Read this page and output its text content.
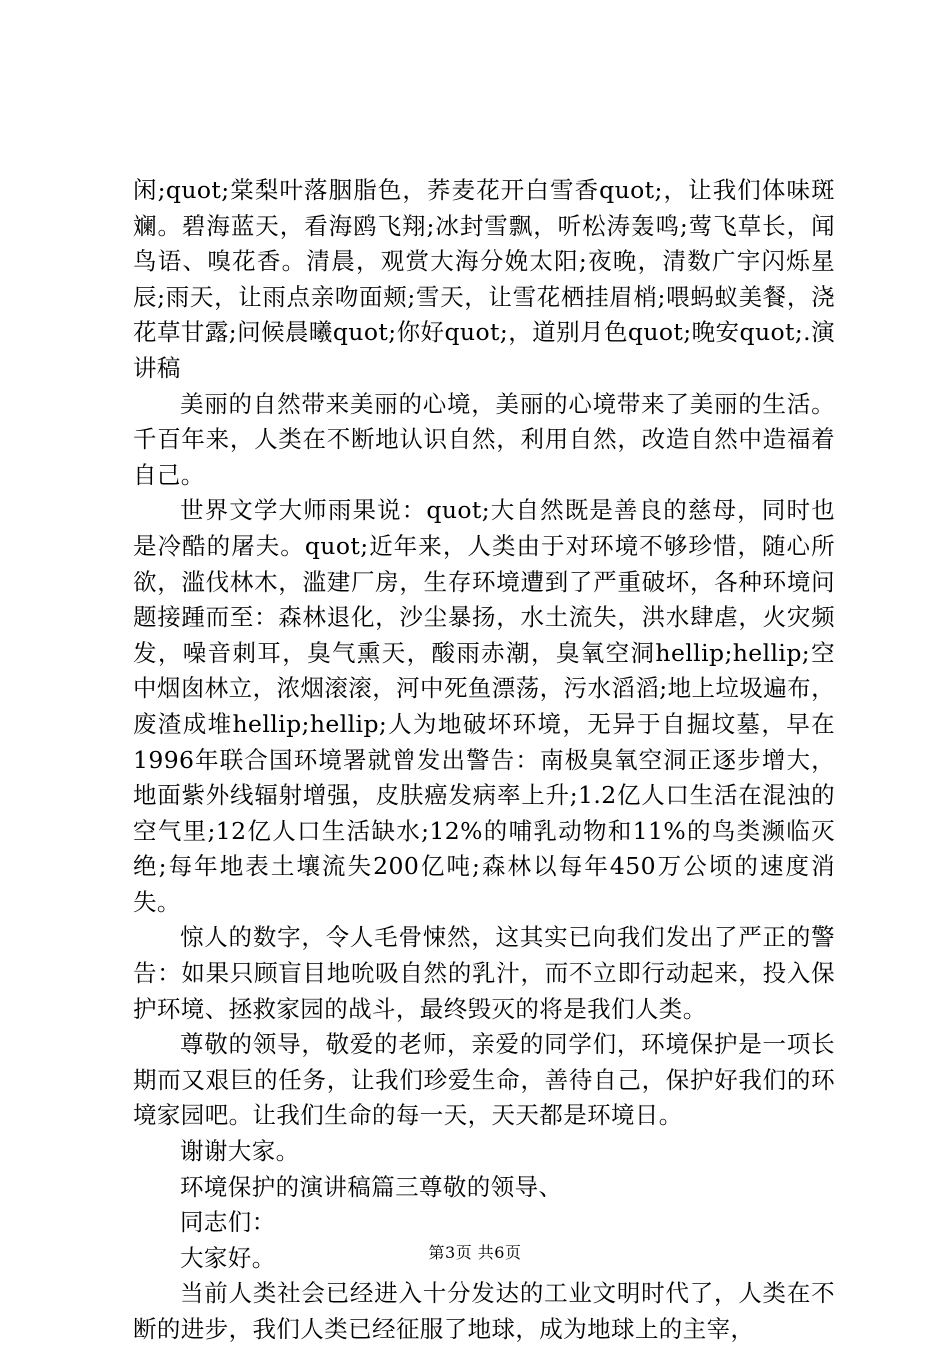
闲;quot;棠梨叶落胭脂色，荞麦花开白雪香quot;，让我们体味斑斓。碧海蓝天，看海鸥飞翔;冰封雪飘，听松涛轰鸣;莺飞草长，闻鸟语、嗅花香。清晨，观赏大海分娩太阳;夜晚，清数广宇闪烁星辰;雨天，让雨点亲吻面颊;雪天，让雪花栖挂眉梢;喂蚂蚁美餐，浇花草甘露;问候晨曦quot;你好quot;，道别月色quot;晚安quot;.演讲稿

美丽的自然带来美丽的心境，美丽的心境带来了美丽的生活。千百年来，人类在不断地认识自然，利用自然，改造自然中造福着自己。

世界文学大师雨果说：quot;大自然既是善良的慈母，同时也是冷酷的屠夫。quot;近年来，人类由于对环境不够珍惜，随心所欲，滥伐林木，滥建厂房，生存环境遭到了严重破坏，各种环境问题接踵而至：森林退化，沙尘暴扬，水土流失，洪水肆虐，火灾频发，噪音刺耳，臭气熏天，酸雨赤潮，臭氧空洞hellip;hellip;空中烟囱林立，浓烟滚滚，河中死鱼漂荡，污水滔滔;地上垃圾遍布，废渣成堆hellip;hellip;人为地破坏环境，无异于自掘坟墓，早在1996年联合国环境署就曾发出警告：南极臭氧空洞正逐步增大，地面紫外线辐射增强，皮肤癌发病率上升;1.2亿人口生活在混浊的空气里;12亿人口生活缺水;12%的哺乳动物和11%的鸟类濒临灭绝;每年地表土壤流失200亿吨;森林以每年450万公顷的速度消失。

惊人的数字，令人毛骨悚然，这其实已向我们发出了严正的警告：如果只顾盲目地吮吸自然的乳汁，而不立即行动起来，投入保护环境、拯救家园的战斗，最终毁灭的将是我们人类。

尊敬的领导，敬爱的老师，亲爱的同学们，环境保护是一项长期而又艰巨的任务，让我们珍爱生命，善待自己，保护好我们的环境家园吧。让我们生命的每一天，天天都是环境日。

谢谢大家。

环境保护的演讲稿篇三尊敬的领导、

同志们：

大家好。

当前人类社会已经进入十分发达的工业文明时代了，人类在不断的进步，我们人类已经征服了地球，成为地球上的主宰，

第3页 共6页
